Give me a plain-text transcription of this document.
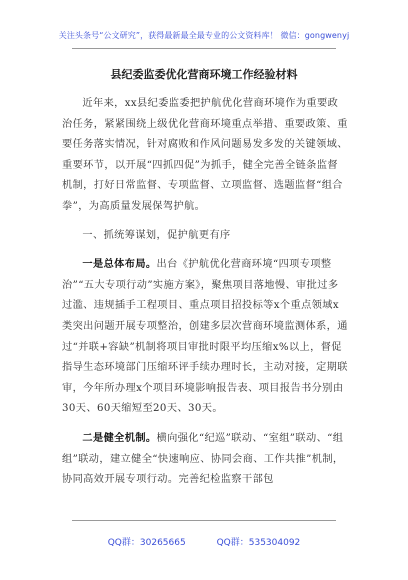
关注头条号“公文研究”，获得最新最全最专业的公文资料库！ 微信：gongwenyj
县纪委监委优化营商环境工作经验材料

近年来，xx县纪委监委把护航优化营商环境作为重要政治任务，紧紧围绕上级优化营商环境重点举措、重要政策、重要任务落实情况，针对腐败和作风问题易发多发的关键领域、重要环节，以开展“四抓四促”为抓手，健全完善全链条监督机制，打好日常监督、专项监督、立项监督、选题监督“组合拳”，为高质量发展保驾护航。

一、抓统筹谋划，促护航更有序

一是总体布局。出台《护航优化营商环境“四项专项整治”“五大专项行动”实施方案》，聚焦项目落地慢、审批过多过滥、违规插手工程项目、重点项目招投标等x个重点领域x类突出问题开展专项整治，创建多层次营商环境监测体系，通过“并联+容缺”机制将项目审批时限平均压缩x%以上，督促指导生态环境部门压缩环评手续办理时长，主动对接，定期联审，今年所办理x个项目环境影响报告表、项目报告书分别由30天、60天缩短至20天、30天。

二是健全机制。横向强化“纪巡”联动、“室组”联动、“组组”联动，建立健全“快速响应、协同会商、工作共推”机制，协同高效开展专项行动。完善纪检监察干部包

QQ群：30265665	QQ群：535304092
